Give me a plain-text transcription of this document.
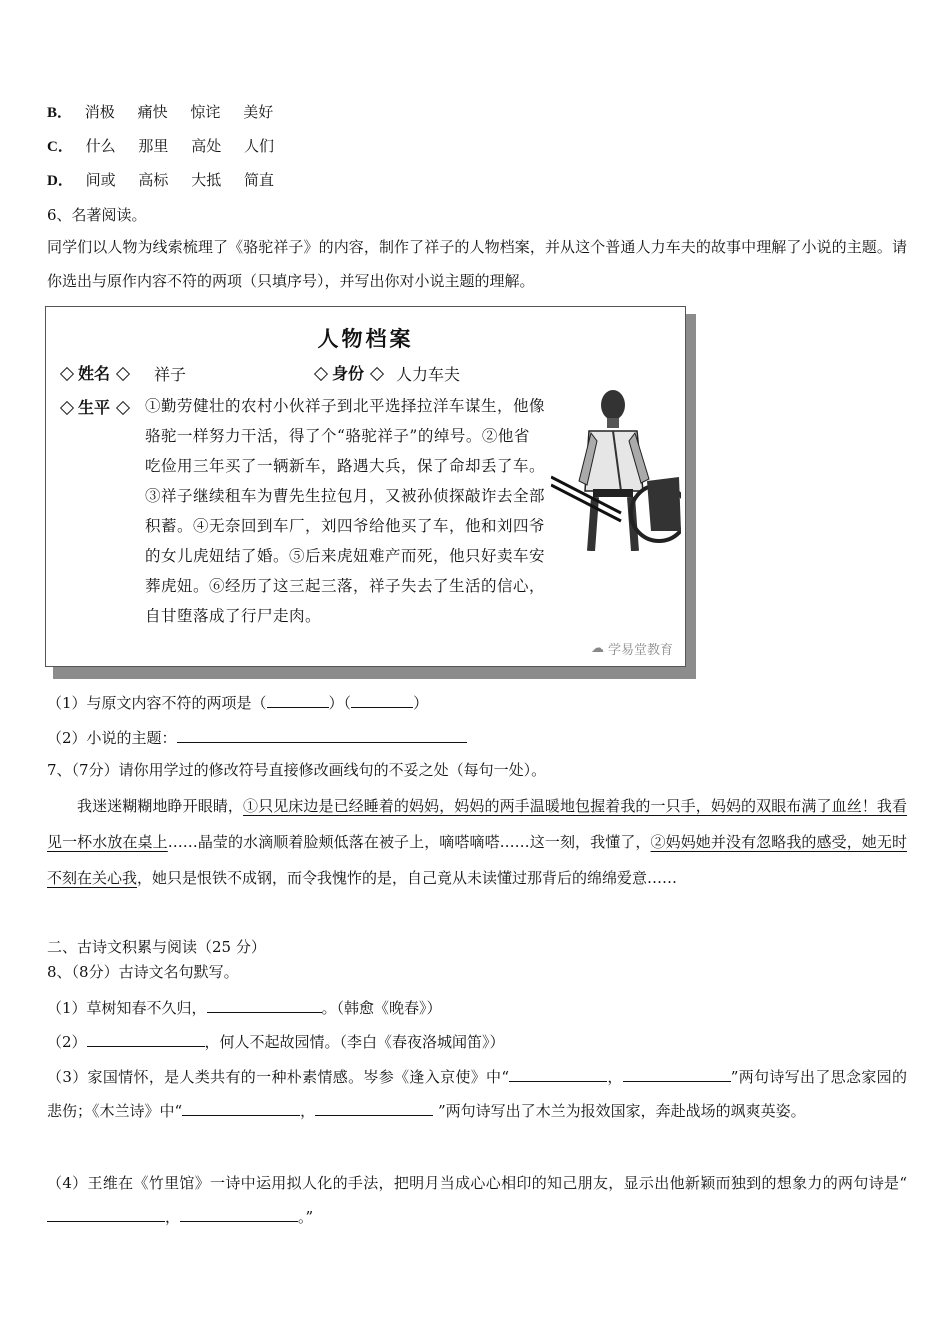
B． 消极 痛快 惊诧 美好
C． 什么 那里 高处 人们
D． 间或 高标 大抵 简直
6、名著阅读。
同学们以人物为线索梳理了《骆驼祥子》的内容，制作了祥子的人物档案，并从这个普通人力车夫的故事中理解了小说的主题。请你选出与原作内容不符的两项（只填序号），并写出你对小说主题的理解。
人物档案
姓名	祥子	身份 人力车夫
生平 ①勤劳健壮的农村小伙祥子到北平选择拉洋车谋生，他像骆驼一样努力干活，得了个“骆驼祥子”的绰号。②他省吃俭用三年买了一辆新车，路遇大兵，保了命却丢了车。③祥子继续租车为曹先生拉包月，又被孙侦探敲诈去全部积蓄。④无奈回到车厂，刘四爷给他买了车，他和刘四爷的女儿虎妞结了婚。⑤后来虎妞难产而死，他只好卖车安葬虎妞。⑥经历了这三起三落，祥子失去了生活的信心，自甘堕落成了行尸走肉。
☁ 学易堂教育
（1）与原文内容不符的两项是（	）（	）
（2）小说的主题：
7、（7分）请你用学过的修改符号直接修改画线句的不妥之处（每句一处）。
我迷迷糊糊地睁开眼睛，①只见床边是已经睡着的妈妈，妈妈的两手温暖地包握着我的一只手，妈妈的双眼布满了血丝！我看见一杯水放在桌上……晶莹的水滴顺着脸颊低落在被子上，嘀嗒嘀嗒……这一刻，我懂了，②妈妈她并没有忽略我的感受，她无时不刻在关心我，她只是恨铁不成钢，而令我愧怍的是，自己竟从未读懂过那背后的绵绵爱意……
二、古诗文积累与阅读（25 分）
8、（8分）古诗文名句默写。
（1）草树知春不久归，	。（韩愈《晚春》）
（2）	，何人不起故园情。（李白《春夜洛城闻笛》）
（3）家国情怀，是人类共有的一种朴素情感。岑参《逢入京使》中“	，	”两句诗写出了思念家园的悲伤；《木兰诗》中“	，	”两句诗写出了木兰为报效国家，奔赴战场的飒爽英姿。
（4）王维在《竹里馆》一诗中运用拟人化的手法，把明月当成心心相印的知己朋友，显示出他新颖而独到的想象力的两句诗是“，	。”
